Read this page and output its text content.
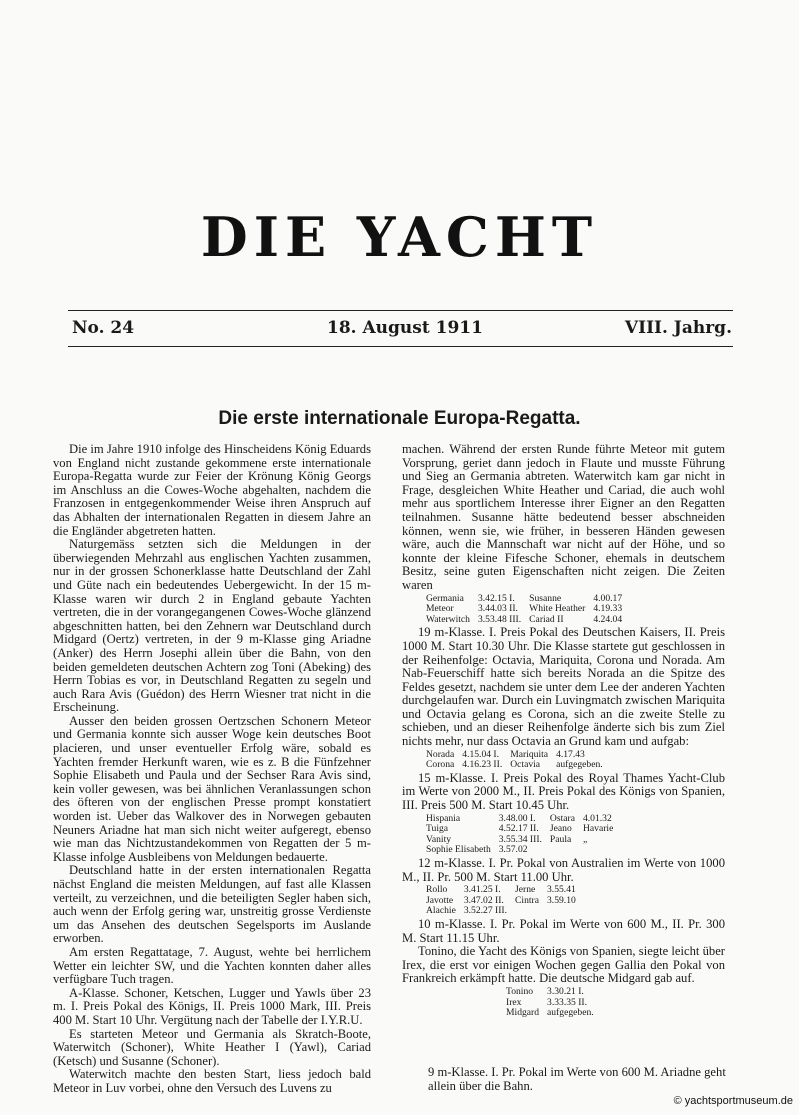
DIE YACHT
No. 24	18. August 1911	VIII. Jahrg.
Die erste internationale Europa-Regatta.

Die im Jahre 1910 infolge des Hinscheidens König Eduards von England nicht zustande gekommene erste internationale Europa-Regatta wurde zur Feier der Krönung König Georgs im Anschluss an die Cowes-Woche abgehalten, nachdem die Franzosen in entgegenkommender Weise ihren Anspruch auf das Abhalten der internationalen Regatten in diesem Jahre an die Engländer abgetreten hatten.

Naturgemäss setzten sich die Meldungen in der überwiegenden Mehrzahl aus englischen Yachten zusammen, nur in der grossen Schonerklasse hatte Deutschland der Zahl und Güte nach ein bedeutendes Uebergewicht. In der 15 m-Klasse waren wir durch 2 in England gebaute Yachten vertreten, die in der vorangegangenen Cowes-Woche glänzend abgeschnitten hatten, bei den Zehnern war Deutschland durch Midgard (Oertz) vertreten, in der 9 m-Klasse ging Ariadne (Anker) des Herrn Josephi allein über die Bahn, von den beiden gemeldeten deutschen Achtern zog Toni (Abeking) des Herrn Tobias es vor, in Deutschland Regatten zu segeln und auch Rara Avis (Guédon) des Herrn Wiesner trat nicht in die Erscheinung.

Ausser den beiden grossen Oertzschen Schonern Meteor und Germania konnte sich ausser Woge kein deutsches Boot placieren, und unser eventueller Erfolg wäre, sobald es Yachten fremder Herkunft waren, wie es z. B die Fünfzehner Sophie Elisabeth und Paula und der Sechser Rara Avis sind, kein voller gewesen, was bei ähnlichen Veranlassungen schon des öfteren von der englischen Presse prompt konstatiert worden ist. Ueber das Walkover des in Norwegen gebauten Neuners Ariadne hat man sich nicht weiter aufgeregt, ebenso wie man das Nichtzustandekommen von Regatten der 5 m-Klasse infolge Ausbleibens von Meldungen bedauerte.

Deutschland hatte in der ersten internationalen Regatta nächst England die meisten Meldungen, auf fast alle Klassen verteilt, zu verzeichnen, und die beteiligten Segler haben sich, auch wenn der Erfolg gering war, unstreitig grosse Verdienste um das Ansehen des deutschen Segelsports im Auslande erworben.

Am ersten Regattatage, 7. August, wehte bei herrlichem Wetter ein leichter SW, und die Yachten konnten daher alles verfügbare Tuch tragen.

A-Klasse. Schoner, Ketschen, Lugger und Yawls über 23 m. I. Preis Pokal des Königs, II. Preis 1000 Mark, III. Preis 400 M. Start 10 Uhr. Vergütung nach der Tabelle der I.Y.R.U.

Es starteten Meteor und Germania als Skratch-Boote, Waterwitch (Schoner), White Heather I (Yawl), Cariad (Ketsch) und Susanne (Schoner).

Waterwitch machte den besten Start, liess jedoch bald Meteor in Luv vorbei, ohne den Versuch des Luvens zu

machen. Während der ersten Runde führte Meteor mit gutem Vorsprung, geriet dann jedoch in Flaute und musste Führung und Sieg an Germania abtreten. Waterwitch kam gar nicht in Frage, desgleichen White Heather und Cariad, die auch wohl mehr aus sportlichem Interesse ihrer Eigner an den Regatten teilnahmen. Susanne hätte bedeutend besser abschneiden können, wenn sie, wie früher, in besseren Händen gewesen wäre, auch die Mannschaft war nicht auf der Höhe, und so konnte der kleine Fifesche Schoner, ehemals in deutschem Besitz, seine guten Eigenschaften nicht zeigen. Die Zeiten waren

Germania	3.42.15 I.	Susanne	4.00.17
Meteor	3.44.03 II.	White Heather	4.19.33
Waterwitch	3.53.48 III.	Cariad II	4.24.04

19 m-Klasse. I. Preis Pokal des Deutschen Kaisers, II. Preis 1000 M. Start 10.30 Uhr. Die Klasse startete gut geschlossen in der Reihenfolge: Octavia, Mariquita, Corona und Norada. Am Nab-Feuerschiff hatte sich bereits Norada an die Spitze des Feldes gesetzt, nachdem sie unter dem Lee der anderen Yachten durchgelaufen war. Durch ein Luvingmatch zwischen Mariquita und Octavia gelang es Corona, sich an die zweite Stelle zu schieben, und an dieser Reihenfolge änderte sich bis zum Ziel nichts mehr, nur dass Octavia an Grund kam und aufgab:

Norada	4.15.04 I.	Mariquita	4.17.43
Corona	4.16.23 II.	Octavia	aufgegeben.

15 m-Klasse. I. Preis Pokal des Royal Thames Yacht-Club im Werte von 2000 M., II. Preis Pokal des Königs von Spanien, III. Preis 500 M. Start 10.45 Uhr.

Hispania	3.48.00 I.	Ostara	4.01.32
Tuiga	4.52.17 II.	Jeano	Havarie
Vanity	3.55.34 III.	Paula	„
Sophie Elisabeth	3.57.02		

12 m-Klasse. I. Pr. Pokal von Australien im Werte von 1000 M., II. Pr. 500 M. Start 11.00 Uhr.

Rollo	3.41.25 I.	Jerne	3.55.41
Javotte	3.47.02 II.	Cintra	3.59.10
Alachie	3.52.27 III.		

10 m-Klasse. I. Pr. Pokal im Werte von 600 M., II. Pr. 300 M. Start 11.15 Uhr.

Tonino, die Yacht des Königs von Spanien, siegte leicht über Irex, die erst vor einigen Wochen gegen Gallia den Pokal von Frankreich erkämpft hatte. Die deutsche Midgard gab auf.

Tonino	3.30.21 I.
Irex	3.33.35 II.
Midgard	aufgegeben.

9 m-Klasse. I. Pr. Pokal im Werte von 600 M. Ariadne geht allein über die Bahn.

© yachtsportmuseum.de
